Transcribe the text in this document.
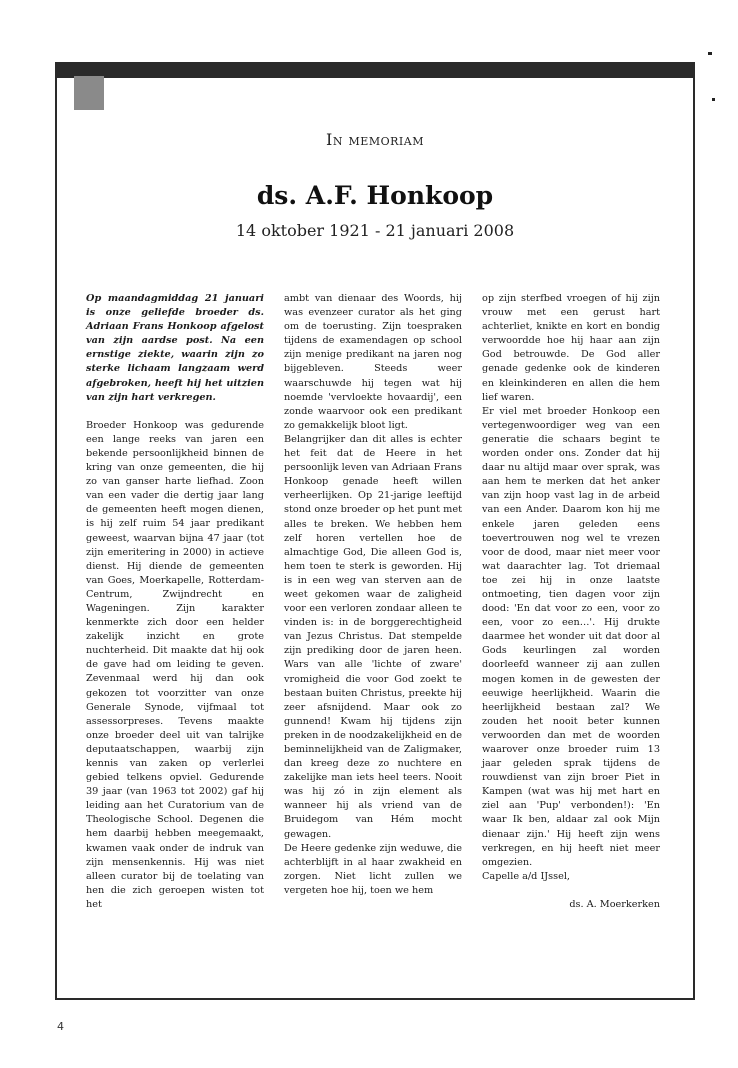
In memoriam
ds. A.F. Honkoop
14 oktober 1921 - 21 januari 2008

Op maandagmiddag 21 januari is onze geliefde broeder ds. Adriaan Frans Honkoop afgelost van zijn aardse post. Na een ernstige ziekte, waarin zijn zo sterke lichaam langzaam werd afgebroken, heeft hij het uitzien van zijn hart verkregen.

Broeder Honkoop was gedurende een lange reeks van jaren een bekende persoonlijkheid binnen de kring van onze gemeenten, die hij zo van ganser harte liefhad. Zoon van een vader die dertig jaar lang de gemeenten heeft mogen dienen, is hij zelf ruim 54 jaar predikant geweest, waarvan bijna 47 jaar (tot zijn emeritering in 2000) in actieve dienst. Hij diende de gemeenten van Goes, Moerkapelle, Rotterdam-Centrum, Zwijndrecht en Wageningen. Zijn karakter kenmerkte zich door een helder zakelijk inzicht en grote nuchterheid. Dit maakte dat hij ook de gave had om leiding te geven. Zevenmaal werd hij dan ook gekozen tot voorzitter van onze Generale Synode, vijfmaal tot assessorpreses. Tevens maakte onze broeder deel uit van talrijke deputaatschappen, waarbij zijn kennis van zaken op verlerlei gebied telkens opviel. Gedurende 39 jaar (van 1963 tot 2002) gaf hij leiding aan het Curatorium van de Theologische School. Degenen die hem daarbij hebben meegemaakt, kwamen vaak onder de indruk van zijn mensenkennis. Hij was niet alleen curator bij de toelating van hen die zich geroepen wisten tot het

ambt van dienaar des Woords, hij was evenzeer curator als het ging om de toerusting. Zijn toespraken tijdens de examendagen op school zijn menige predikant na jaren nog bijgebleven. Steeds weer waarschuwde hij tegen wat hij noemde 'vervloekte hovaardij', een zonde waarvoor ook een predikant zo gemakkelijk bloot ligt.

Belangrijker dan dit alles is echter het feit dat de Heere in het persoonlijk leven van Adriaan Frans Honkoop genade heeft willen verheerlijken. Op 21-jarige leeftijd stond onze broeder op het punt met alles te breken. We hebben hem zelf horen vertellen hoe de almachtige God, Die alleen God is, hem toen te sterk is geworden. Hij is in een weg van sterven aan de weet gekomen waar de zaligheid voor een verloren zondaar alleen te vinden is: in de borggerechtigheid van Jezus Christus. Dat stempelde zijn prediking door de jaren heen. Wars van alle 'lichte of zware' vromigheid die voor God zoekt te bestaan buiten Christus, preekte hij zeer afsnijdend. Maar ook zo gunnend! Kwam hij tijdens zijn preken in de noodzakelijkheid en de beminnelijkheid van de Zaligmaker, dan kreeg deze zo nuchtere en zakelijke man iets heel teers. Nooit was hij zó in zijn element als wanneer hij als vriend van de Bruidegom van Hém mocht gewagen.

De Heere gedenke zijn weduwe, die achterblijft in al haar zwakheid en zorgen. Niet licht zullen we vergeten hoe hij, toen we hem

op zijn sterfbed vroegen of hij zijn vrouw met een gerust hart achterliet, knikte en kort en bondig verwoordde hoe hij haar aan zijn God betrouwde. De God aller genade gedenke ook de kinderen en kleinkinderen en allen die hem lief waren.

Er viel met broeder Honkoop een vertegenwoordiger weg van een generatie die schaars begint te worden onder ons. Zonder dat hij daar nu altijd maar over sprak, was aan hem te merken dat het anker van zijn hoop vast lag in de arbeid van een Ander. Daarom kon hij me enkele jaren geleden eens toevertrouwen nog wel te vrezen voor de dood, maar niet meer voor wat daarachter lag. Tot driemaal toe zei hij in onze laatste ontmoeting, tien dagen voor zijn dood: 'En dat voor zo een, voor zo een, voor zo een…'. Hij drukte daarmee het wonder uit dat door al Gods keurlingen zal worden doorleefd wanneer zij aan zullen mogen komen in de gewesten der eeuwige heerlijkheid. Waarin die heerlijkheid bestaan zal? We zouden het nooit beter kunnen verwoorden dan met de woorden waarover onze broeder ruim 13 jaar geleden sprak tijdens de rouwdienst van zijn broer Piet in Kampen (wat was hij met hart en ziel aan 'Pup' verbonden!): 'En waar Ik ben, aldaar zal ook Mijn dienaar zijn.' Hij heeft zijn wens verkregen, en hij heeft niet meer omgezien.

Capelle a/d IJssel,

ds. A. Moerkerken

4
